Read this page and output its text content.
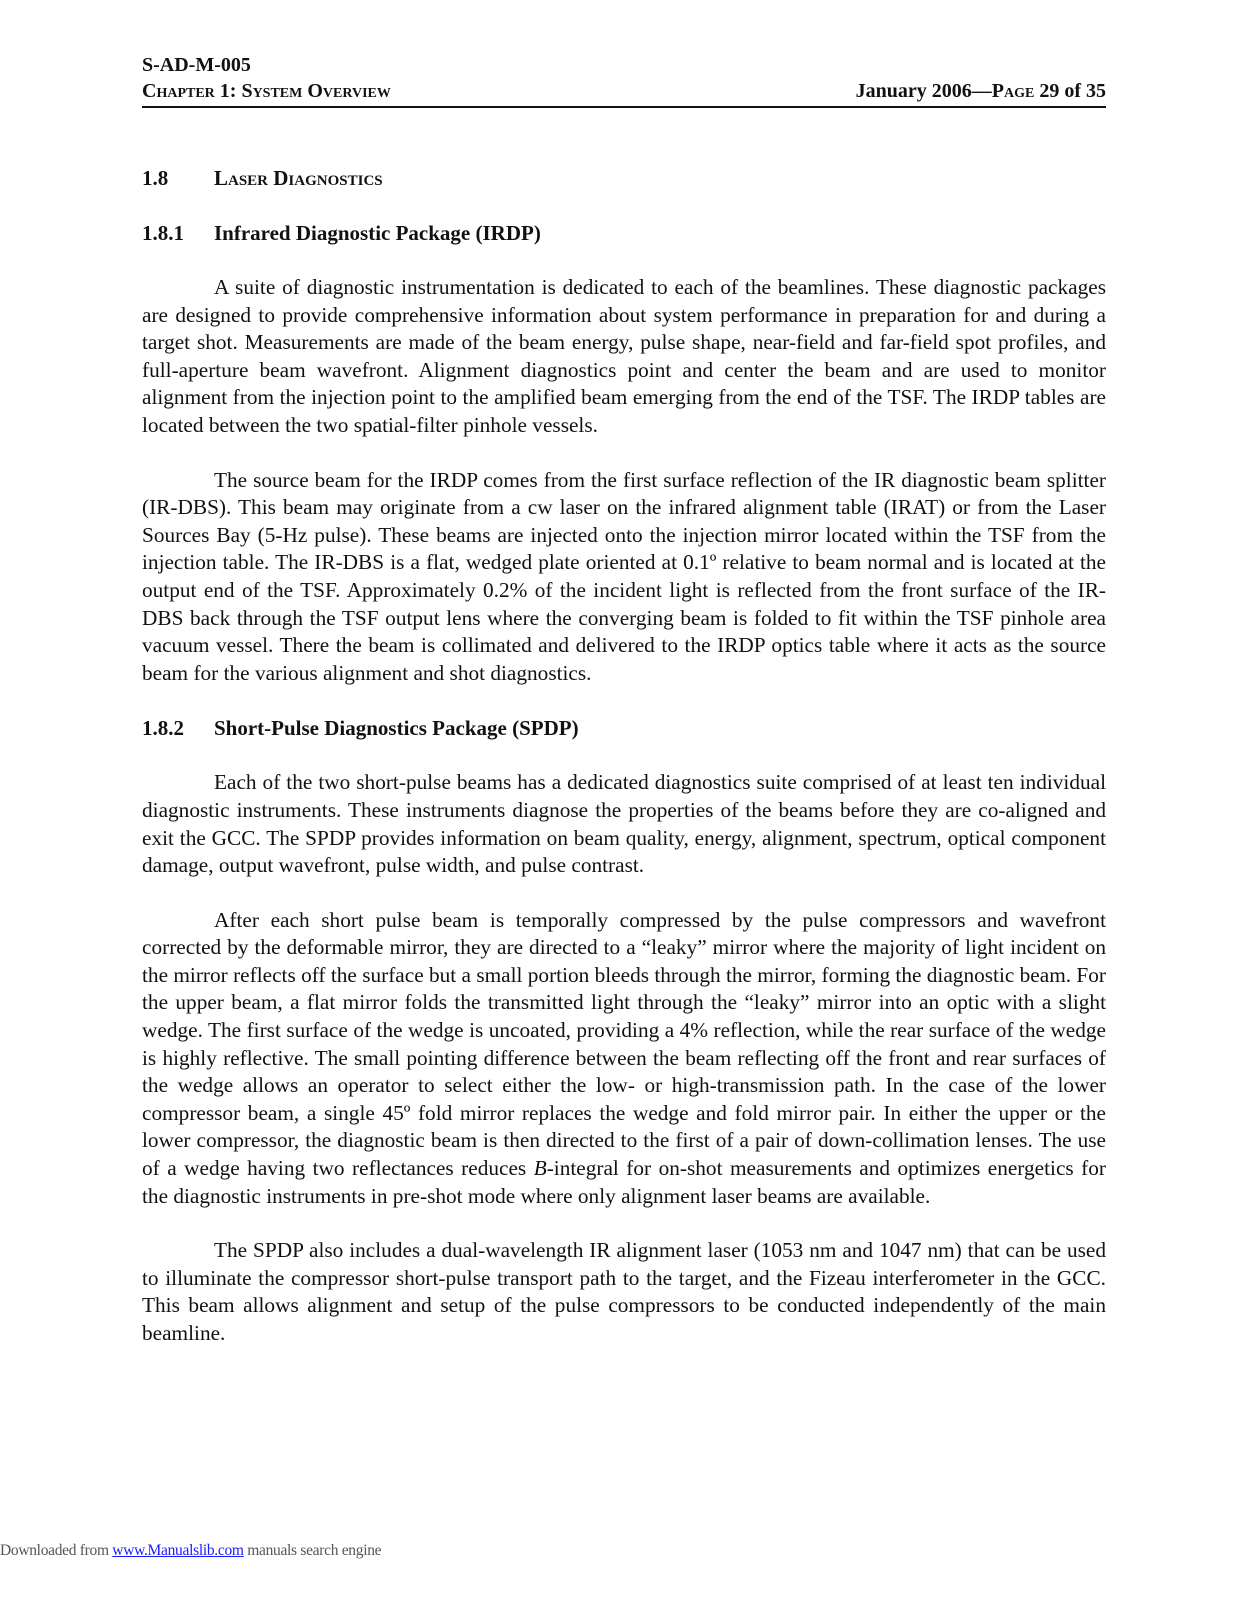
S-AD-M-005
Chapter 1: System Overview	January 2006—Page 29 of 35
1.8	Laser Diagnostics
1.8.1	Infrared Diagnostic Package (IRDP)

A suite of diagnostic instrumentation is dedicated to each of the beamlines. These diagnostic packages are designed to provide comprehensive information about system performance in preparation for and during a target shot. Measurements are made of the beam energy, pulse shape, near-field and far-field spot profiles, and full-aperture beam wavefront. Alignment diagnostics point and center the beam and are used to monitor alignment from the injection point to the amplified beam emerging from the end of the TSF. The IRDP tables are located between the two spatial-filter pinhole vessels.

The source beam for the IRDP comes from the first surface reflection of the IR diagnostic beam splitter (IR-DBS). This beam may originate from a cw laser on the infrared alignment table (IRAT) or from the Laser Sources Bay (5-Hz pulse). These beams are injected onto the injection mirror located within the TSF from the injection table. The IR-DBS is a flat, wedged plate oriented at 0.1º relative to beam normal and is located at the output end of the TSF. Approximately 0.2% of the incident light is reflected from the front surface of the IR-DBS back through the TSF output lens where the converging beam is folded to fit within the TSF pinhole area vacuum vessel. There the beam is collimated and delivered to the IRDP optics table where it acts as the source beam for the various alignment and shot diagnostics.

1.8.2	Short-Pulse Diagnostics Package (SPDP)

Each of the two short-pulse beams has a dedicated diagnostics suite comprised of at least ten individual diagnostic instruments. These instruments diagnose the properties of the beams before they are co-aligned and exit the GCC. The SPDP provides information on beam quality, energy, alignment, spectrum, optical component damage, output wavefront, pulse width, and pulse contrast.

After each short pulse beam is temporally compressed by the pulse compressors and wavefront corrected by the deformable mirror, they are directed to a “leaky” mirror where the majority of light incident on the mirror reflects off the surface but a small portion bleeds through the mirror, forming the diagnostic beam. For the upper beam, a flat mirror folds the transmitted light through the “leaky” mirror into an optic with a slight wedge. The first surface of the wedge is uncoated, providing a 4% reflection, while the rear surface of the wedge is highly reflective. The small pointing difference between the beam reflecting off the front and rear surfaces of the wedge allows an operator to select either the low- or high-transmission path. In the case of the lower compressor beam, a single 45º fold mirror replaces the wedge and fold mirror pair. In either the upper or the lower compressor, the diagnostic beam is then directed to the first of a pair of down-collimation lenses. The use of a wedge having two reflectances reduces B-integral for on-shot measurements and optimizes energetics for the diagnostic instruments in pre-shot mode where only alignment laser beams are available.

The SPDP also includes a dual-wavelength IR alignment laser (1053 nm and 1047 nm) that can be used to illuminate the compressor short-pulse transport path to the target, and the Fizeau interferometer in the GCC. This beam allows alignment and setup of the pulse compressors to be conducted independently of the main beamline.

Downloaded from www.Manualslib.com manuals search engine
